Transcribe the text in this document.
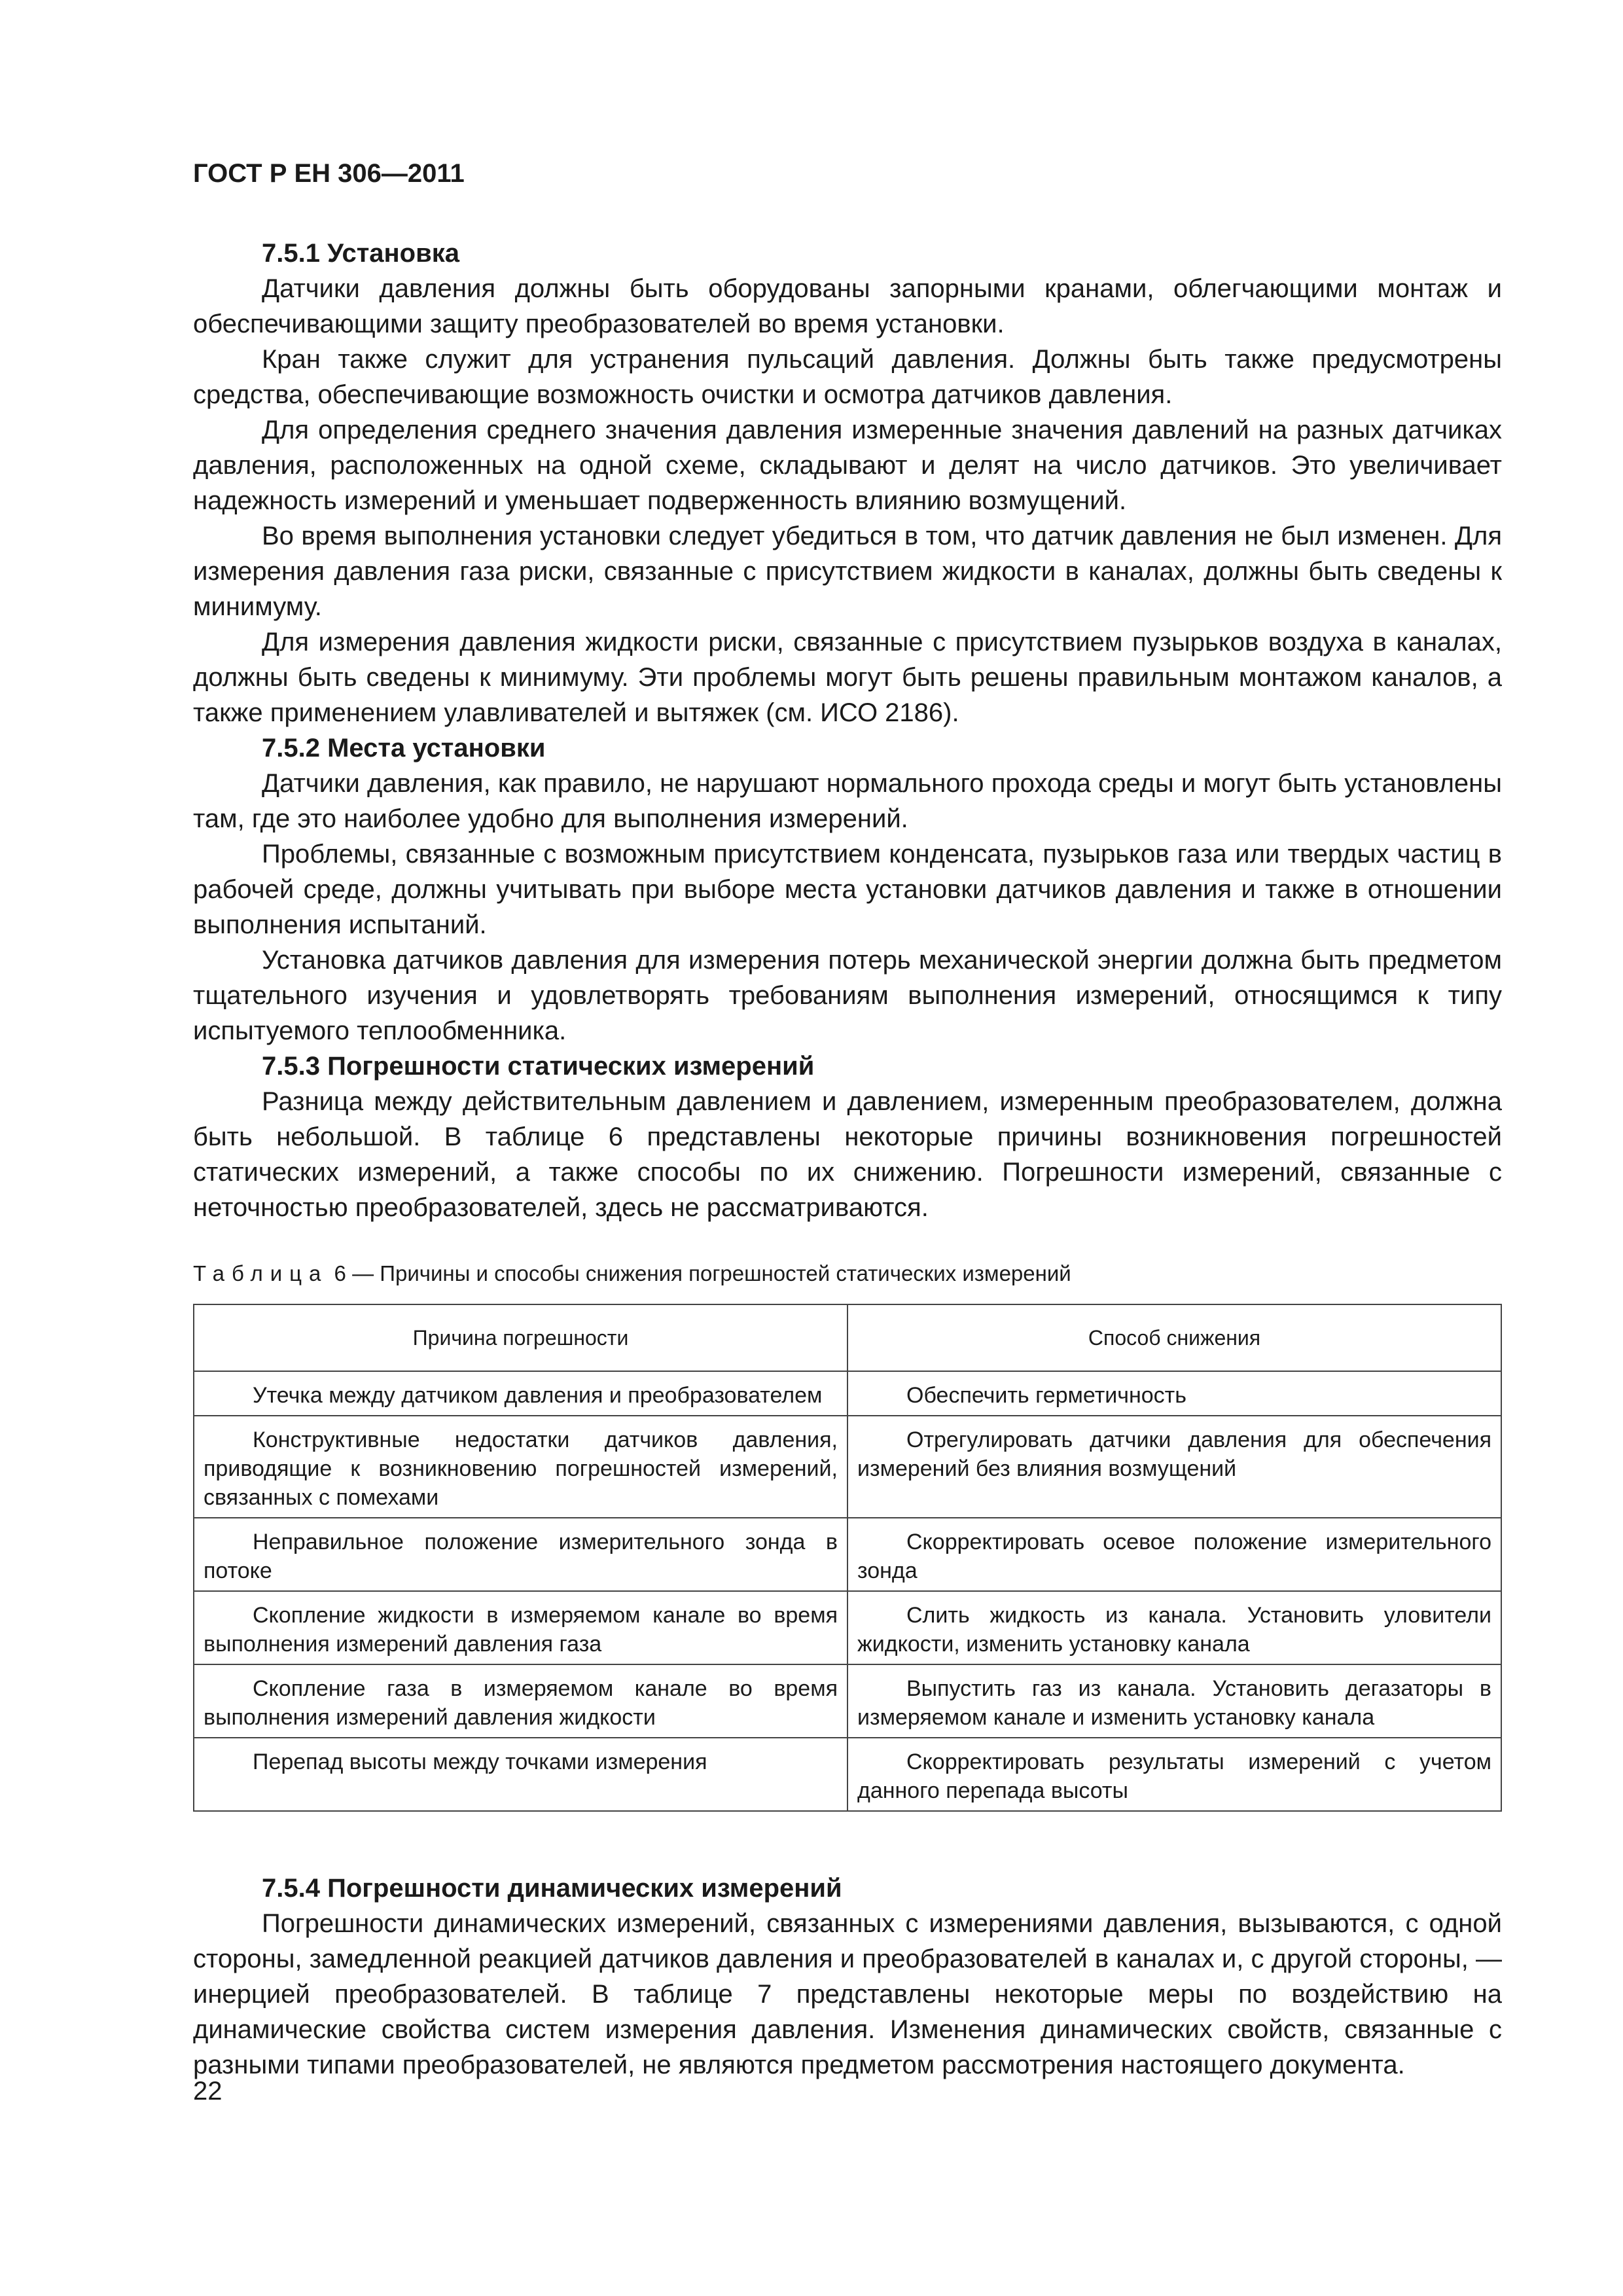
ГОСТ Р ЕН 306—2011

7.5.1 Установка

Датчики давления должны быть оборудованы запорными кранами, облегчающими монтаж и обеспечивающими защиту преобразователей во время установки.

Кран также служит для устранения пульсаций давления. Должны быть также предусмотрены средства, обеспечивающие возможность очистки и осмотра датчиков давления.

Для определения среднего значения давления измеренные значения давлений на разных датчиках давления, расположенных на одной схеме, складывают и делят на число датчиков. Это увеличивает надежность измерений и уменьшает подверженность влиянию возмущений.

Во время выполнения установки следует убедиться в том, что датчик давления не был изменен. Для измерения давления газа риски, связанные с присутствием жидкости в каналах, должны быть сведены к минимуму.

Для измерения давления жидкости риски, связанные с присутствием пузырьков воздуха в каналах, должны быть сведены к минимуму. Эти проблемы могут быть решены правильным монтажом каналов, а также применением улавливателей и вытяжек (см. ИСО 2186).

7.5.2 Места установки

Датчики давления, как правило, не нарушают нормального прохода среды и могут быть установлены там, где это наиболее удобно для выполнения измерений.

Проблемы, связанные с возможным присутствием конденсата, пузырьков газа или твердых частиц в рабочей среде, должны учитывать при выборе места установки датчиков давления и также в отношении выполнения испытаний.

Установка датчиков давления для измерения потерь механической энергии должна быть предметом тщательного изучения и удовлетворять требованиям выполнения измерений, относящимся к типу испытуемого теплообменника.

7.5.3 Погрешности статических измерений

Разница между действительным давлением и давлением, измеренным преобразователем, должна быть небольшой. В таблице 6 представлены некоторые причины возникновения погрешностей статических измерений, а также способы по их снижению. Погрешности измерений, связанные с неточностью преобразователей, здесь не рассматриваются.

Таблица 6 — Причины и способы снижения погрешностей статических измерений
Причина погрешности	Способ снижения
Утечка между датчиком давления и преобразователем	Обеспечить герметичность
Конструктивные недостатки датчиков давления, приводящие к возникновению погрешностей измерений, связанных с помехами	Отрегулировать датчики давления для обеспечения измерений без влияния возмущений
Неправильное положение измерительного зонда в потоке	Скорректировать осевое положение измерительного зонда
Скопление жидкости в измеряемом канале во время выполнения измерений давления газа	Слить жидкость из канала. Установить уловители жидкости, изменить установку канала
Скопление газа в измеряемом канале во время выполнения измерений давления жидкости	Выпустить газ из канала. Установить дегазаторы в измеряемом канале и изменить установку канала
Перепад высоты между точками измерения	Скорректировать результаты измерений с учетом данного перепада высоты

7.5.4 Погрешности динамических измерений

Погрешности динамических измерений, связанных с измерениями давления, вызываются, с одной стороны, замедленной реакцией датчиков давления и преобразователей в каналах и, с другой стороны, — инерцией преобразователей. В таблице 7 представлены некоторые меры по воздействию на динамические свойства систем измерения давления. Изменения динамических свойств, связанные с разными типами преобразователей, не являются предметом рассмотрения настоящего документа.

22
